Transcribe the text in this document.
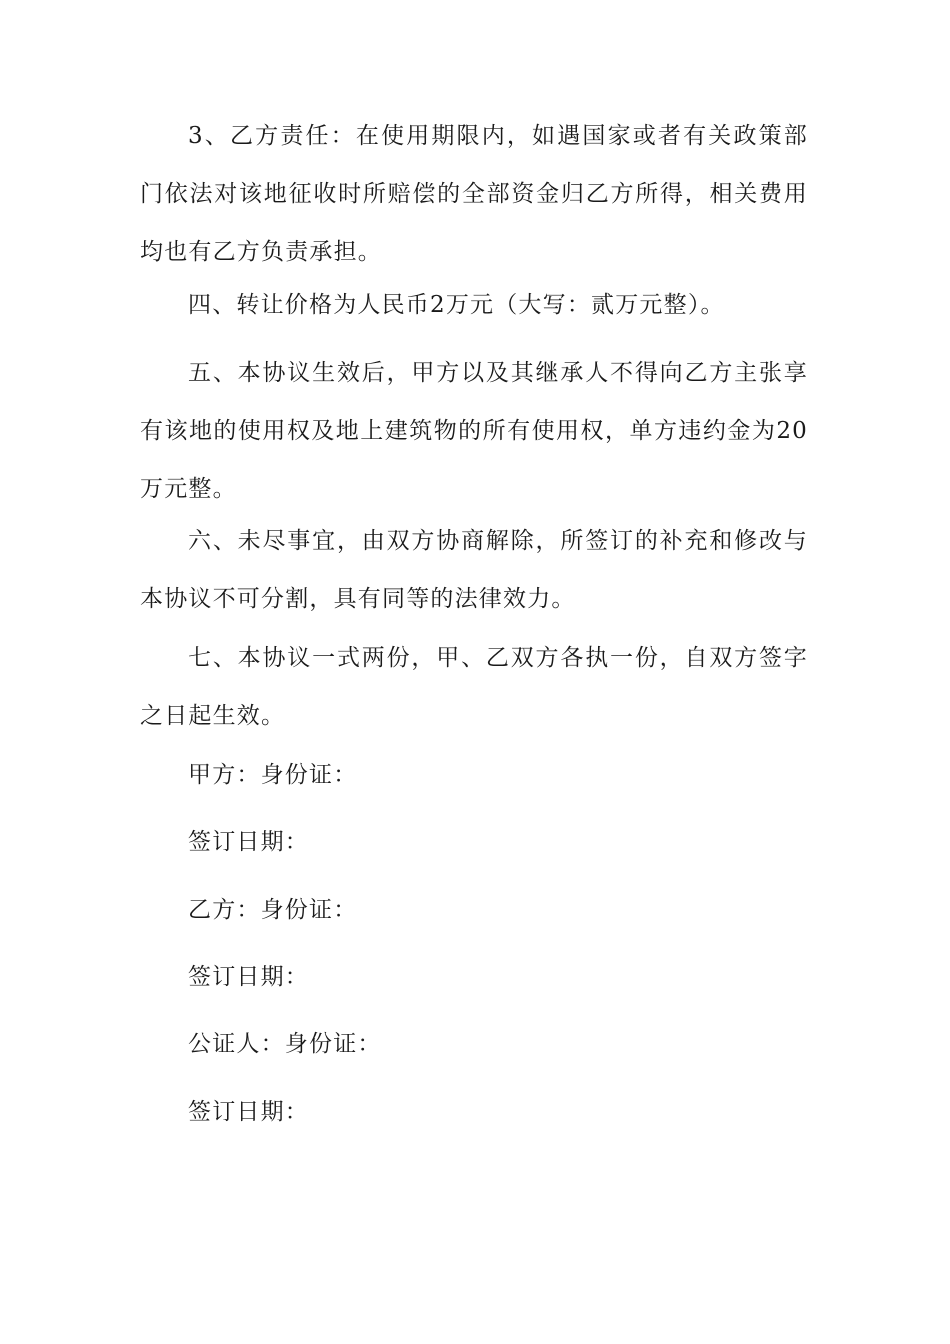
3、乙方责任：在使用期限内，如遇国家或者有关政策部门依法对该地征收时所赔偿的全部资金归乙方所得，相关费用均也有乙方负责承担。

四、转让价格为人民币2万元（大写：贰万元整）。

五、本协议生效后，甲方以及其继承人不得向乙方主张享有该地的使用权及地上建筑物的所有使用权，单方违约金为20万元整。

六、未尽事宜，由双方协商解除，所签订的补充和修改与本协议不可分割，具有同等的法律效力。

七、本协议一式两份，甲、乙双方各执一份，自双方签字之日起生效。

甲方：身份证：

签订日期：

乙方：身份证：

签订日期：

公证人：身份证：

签订日期：
